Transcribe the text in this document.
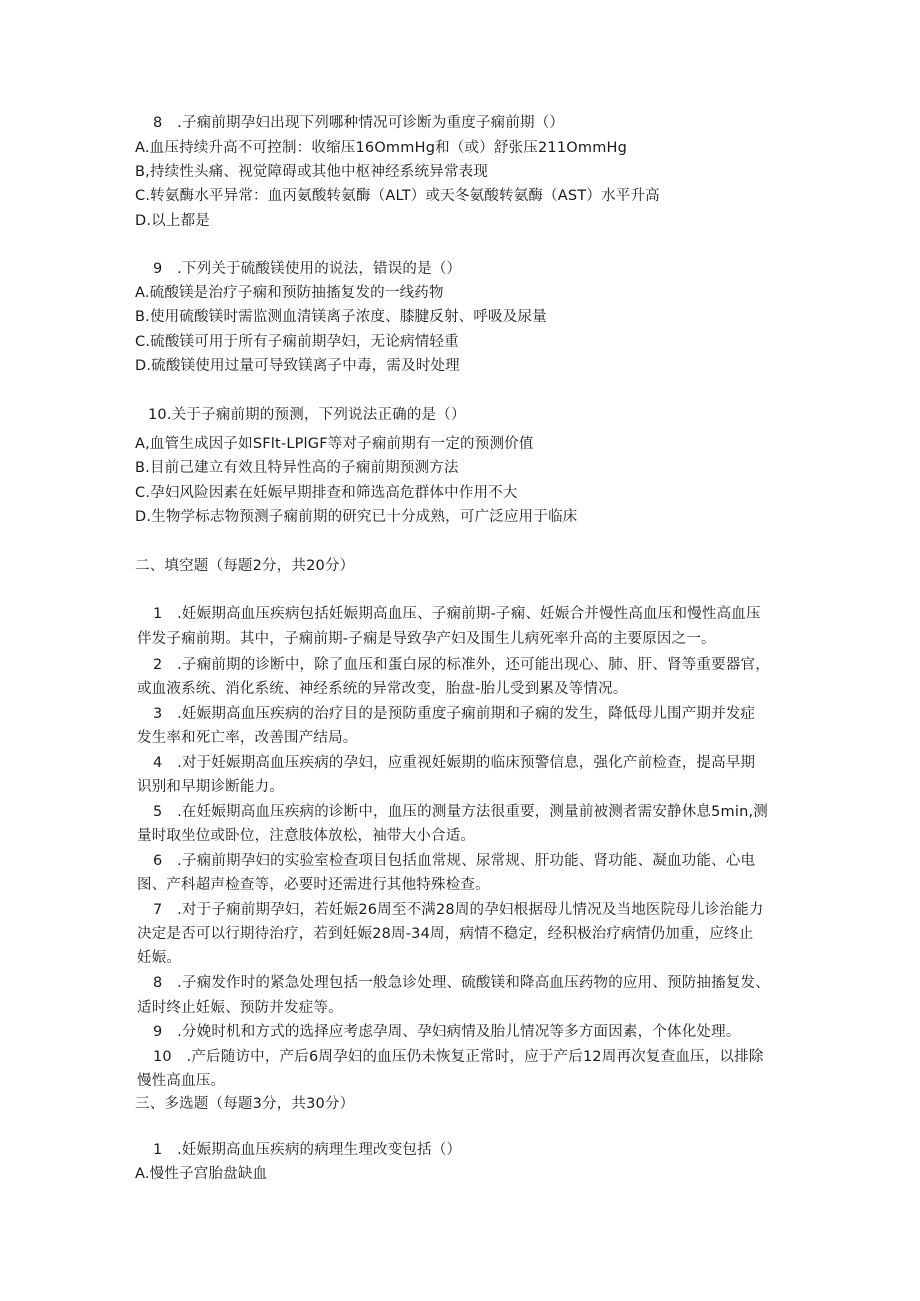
8　.子痫前期孕妇出现下列哪种情况可诊断为重度子痫前期（）
A.血压持续升高不可控制：收缩压16OmmHg和（或）舒张压211OmmHg
B,持续性头痛、视觉障碍或其他中枢神经系统异常表现
C.转氨酶水平异常：血丙氨酸转氨酶（ALT）或天冬氨酸转氨酶（AST）水平升高
D.以上都是
9　.下列关于硫酸镁使用的说法，错误的是（）
A.硫酸镁是治疗子痫和预防抽搐复发的一线药物
B.使用硫酸镁时需监测血清镁离子浓度、膝腱反射、呼吸及尿量
C.硫酸镁可用于所有子痫前期孕妇，无论病情轻重
D.硫酸镁使用过量可导致镁离子中毒，需及时处理
10.关于子痫前期的预测，下列说法正确的是（）
A,血管生成因子如SFlt-LPlGF等对子痫前期有一定的预测价值
B.目前己建立有效且特异性高的子痫前期预测方法
C.孕妇风险因素在妊娠早期排查和筛选高危群体中作用不大
D.生物学标志物预测子痫前期的研究已十分成熟，可广泛应用于临床
二、填空题（每题2分，共20分）
1　.妊娠期高血压疾病包括妊娠期高血压、子痫前期-子痫、妊娠合并慢性高血压和慢性高血压
伴发子痫前期。其中，子痫前期-子痫是导致孕产妇及围生儿病死率升高的主要原因之一。
2　.子痫前期的诊断中，除了血压和蛋白尿的标准外，还可能出现心、肺、肝、肾等重要器官，
或血液系统、消化系统、神经系统的异常改变，胎盘-胎儿受到累及等情况。
3　.妊娠期高血压疾病的治疗目的是预防重度子痫前期和子痫的发生，降低母儿围产期并发症
发生率和死亡率，改善围产结局。
4　.对于妊娠期高血压疾病的孕妇，应重视妊娠期的临床预警信息，强化产前检查，提高早期
识别和早期诊断能力。
5　.在妊娠期高血压疾病的诊断中，血压的测量方法很重要，测量前被测者需安静休息5min,测
量时取坐位或卧位，注意肢体放松，袖带大小合适。
6　.子痫前期孕妇的实验室检查项目包括血常规、尿常规、肝功能、肾功能、凝血功能、心电
图、产科超声检查等，必要时还需进行其他特殊检查。
7　.对于子痫前期孕妇，若妊娠26周至不满28周的孕妇根据母儿情况及当地医院母儿诊治能力
决定是否可以行期待治疗，若到妊娠28周-34周，病情不稳定，经积极治疗病情仍加重，应终止
妊娠。
8　.子痫发作时的紧急处理包括一般急诊处理、硫酸镁和降高血压药物的应用、预防抽搐复发、
适时终止妊娠、预防并发症等。
9　.分娩时机和方式的选择应考虑孕周、孕妇病情及胎儿情况等多方面因素，个体化处理。
10　.产后随访中，产后6周孕妇的血压仍未恢复正常时，应于产后12周再次复查血压，以排除
慢性高血压。
三、多选题（每题3分，共30分）
1　.妊娠期高血压疾病的病理生理改变包括（）
A.慢性子宫胎盘缺血
